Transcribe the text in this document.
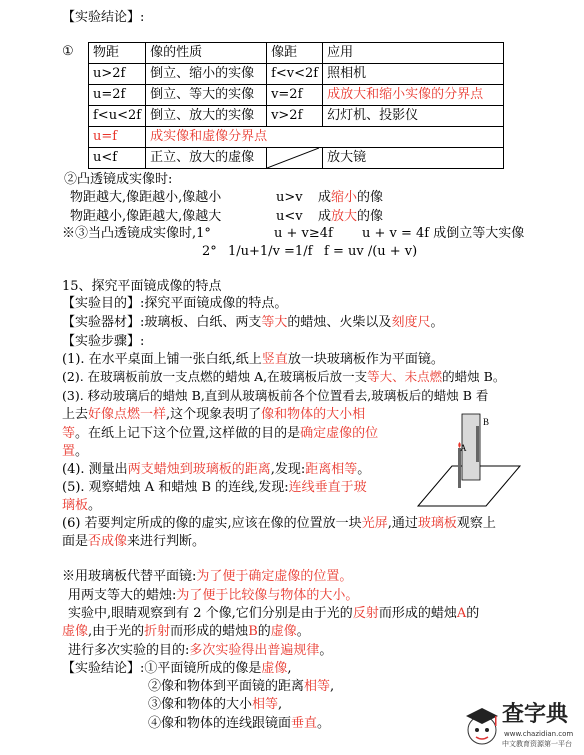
【实验结论】:
① 物距	像的性质	像距	应用
u>2f	倒立、缩小的实像	f<v<2f	照相机
u=2f	倒立、等大的实像	v=2f	成放大和缩小实像的分界点
f<u<2f	倒立、放大的实像	v>2f	幻灯机、投影仪
u=f	成实像和虚像分界点		
u<f	正立、放大的虚像		放大镜
②凸透镜成实像时:
物距越大,像距越小,像越小	u>v 成缩小的像
物距越小,像距越大,像越大	u<v 成放大的像
※③当凸透镜成实像时,1°	u + v≥4f u + v = 4f 成倒立等大实像
2° 1/u+1/v =1/f f = uv /(u + v)
15、探究平面镜成像的特点
【实验目的】:探究平面镜成像的特点。
【实验器材】:玻璃板、白纸、两支等大的蜡烛、火柴以及刻度尺。
【实验步骤】:
(1). 在水平桌面上铺一张白纸,纸上竖直放一块玻璃板作为平面镜。
(2). 在玻璃板前放一支点燃的蜡烛 A,在玻璃板后放一支等大、未点燃的蜡烛 B。
(3). 移动玻璃后的蜡烛 B,直到从玻璃板前各个位置看去,玻璃板后的蜡烛 B 看
上去好像点燃一样,这个现象表明了像和物体的大小相
等。在纸上记下这个位置,这样做的目的是确定虚像的位
置。
(4). 测量出两支蜡烛到玻璃板的距离,发现:距离相等。
(5). 观察蜡烛 A 和蜡烛 B 的连线,发现:连线垂直于玻
璃板。
(6) 若要判定所成的像的虚实,应该在像的位置放一块光屏,通过玻璃板观察上
面是否成像来进行判断。
A
B
※用玻璃板代替平面镜:为了便于确定虚像的位置。
用两支等大的蜡烛:为了便于比较像与物体的大小。
实验中,眼睛观察到有 2 个像,它们分别是由于光的反射而形成的蜡烛A的
虚像,由于光的折射而形成的蜡烛B的虚像。
进行多次实验的目的:多次实验得出普遍规律。
【实验结论】:①平面镜所成的像是虚像,
②像和物体到平面镜的距离相等,
③像和物体的大小相等,
④像和物体的连线跟镜面垂直。	查字典
www.chazidian.com
中文教育资源第一平台
